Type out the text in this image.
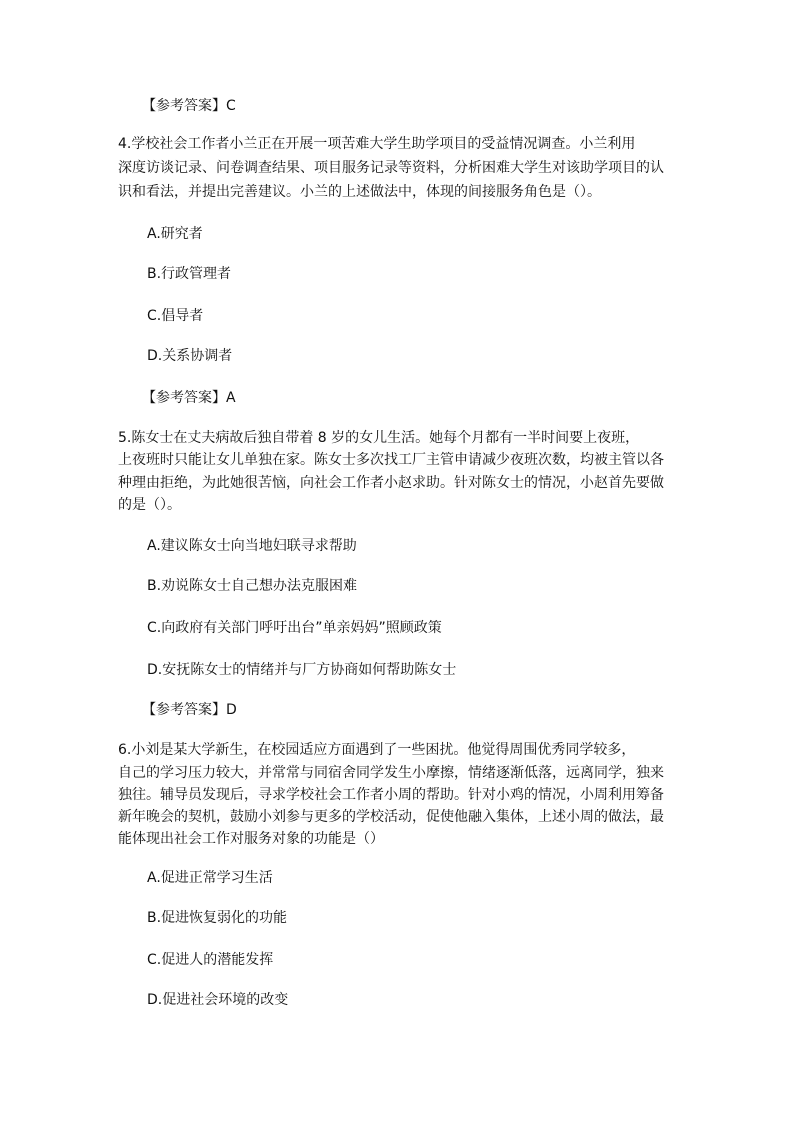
【参考答案】C
4.学校社会工作者小兰正在开展一项苦难大学生助学项目的受益情况调查。小兰利用
深度访谈记录、问卷调查结果、项目服务记录等资料，分析困难大学生对该助学项目的认
识和看法，并提出完善建议。小兰的上述做法中，体现的间接服务角色是（）。
A.研究者
B.行政管理者
C.倡导者
D.关系协调者
【参考答案】A
5.陈女士在丈夫病故后独自带着 8 岁的女儿生活。她每个月都有一半时间要上夜班，
上夜班时只能让女儿单独在家。陈女士多次找工厂主管申请减少夜班次数，均被主管以各
种理由拒绝，为此她很苦恼，向社会工作者小赵求助。针对陈女士的情况，小赵首先要做
的是（）。
A.建议陈女士向当地妇联寻求帮助
B.劝说陈女士自己想办法克服困难
C.向政府有关部门呼吁出台”单亲妈妈”照顾政策
D.安抚陈女士的情绪并与厂方协商如何帮助陈女士
【参考答案】D
6.小刘是某大学新生，在校园适应方面遇到了一些困扰。他觉得周围优秀同学较多，
自己的学习压力较大，并常常与同宿舍同学发生小摩擦，情绪逐渐低落，远离同学，独来
独往。辅导员发现后，寻求学校社会工作者小周的帮助。针对小鸡的情况，小周利用筹备
新年晚会的契机，鼓励小刘参与更多的学校活动，促使他融入集体，上述小周的做法，最
能体现出社会工作对服务对象的功能是（）
A.促进正常学习生活
B.促进恢复弱化的功能
C.促进人的潜能发挥
D.促进社会环境的改变
